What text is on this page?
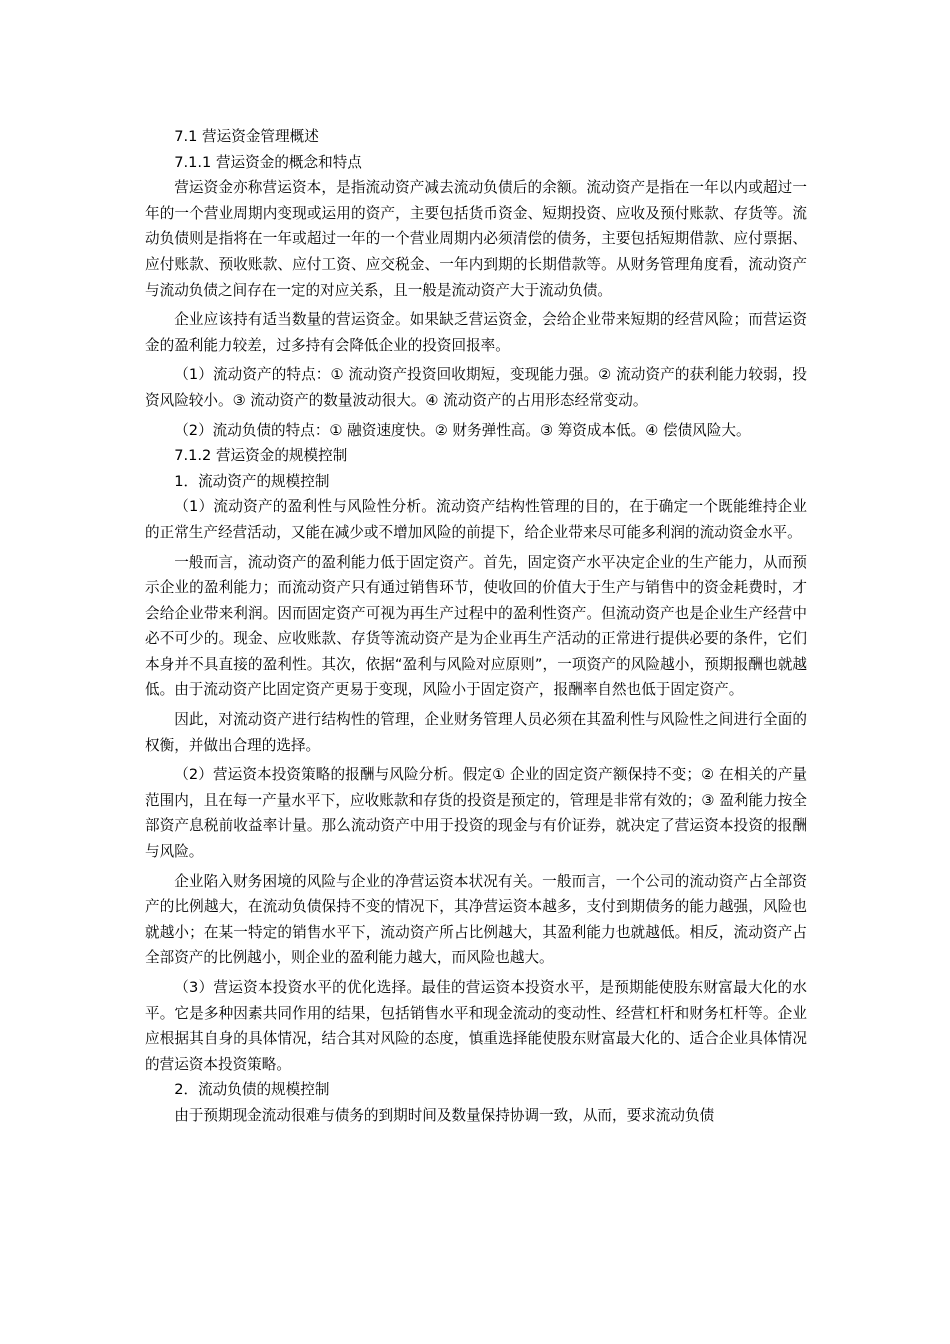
7.1 营运资金管理概述

7.1.1 营运资金的概念和特点

营运资金亦称营运资本，是指流动资产减去流动负债后的余额。流动资产是指在一年以内或超过一年的一个营业周期内变现或运用的资产，主要包括货币资金、短期投资、应收及预付账款、存货等。流动负债则是指将在一年或超过一年的一个营业周期内必须清偿的债务，主要包括短期借款、应付票据、应付账款、预收账款、应付工资、应交税金、一年内到期的长期借款等。从财务管理角度看，流动资产与流动负债之间存在一定的对应关系，且一般是流动资产大于流动负债。

企业应该持有适当数量的营运资金。如果缺乏营运资金，会给企业带来短期的经营风险；而营运资金的盈利能力较差，过多持有会降低企业的投资回报率。

（1）流动资产的特点：① 流动资产投资回收期短，变现能力强。② 流动资产的获利能力较弱，投资风险较小。③ 流动资产的数量波动很大。④ 流动资产的占用形态经常变动。

（2）流动负债的特点：① 融资速度快。② 财务弹性高。③ 筹资成本低。④ 偿债风险大。

7.1.2 营运资金的规模控制

1．流动资产的规模控制

（1）流动资产的盈利性与风险性分析。流动资产结构性管理的目的，在于确定一个既能维持企业的正常生产经营活动，又能在减少或不增加风险的前提下，给企业带来尽可能多利润的流动资金水平。

一般而言，流动资产的盈利能力低于固定资产。首先，固定资产水平决定企业的生产能力，从而预示企业的盈利能力；而流动资产只有通过销售环节，使收回的价值大于生产与销售中的资金耗费时，才会给企业带来利润。因而固定资产可视为再生产过程中的盈利性资产。但流动资产也是企业生产经营中必不可少的。现金、应收账款、存货等流动资产是为企业再生产活动的正常进行提供必要的条件，它们本身并不具直接的盈利性。其次，依据“盈利与风险对应原则”，一项资产的风险越小，预期报酬也就越低。由于流动资产比固定资产更易于变现，风险小于固定资产，报酬率自然也低于固定资产。

因此，对流动资产进行结构性的管理，企业财务管理人员必须在其盈利性与风险性之间进行全面的权衡，并做出合理的选择。

（2）营运资本投资策略的报酬与风险分析。假定① 企业的固定资产额保持不变；② 在相关的产量范围内，且在每一产量水平下，应收账款和存货的投资是预定的，管理是非常有效的；③ 盈利能力按全部资产息税前收益率计量。那么流动资产中用于投资的现金与有价证券，就决定了营运资本投资的报酬与风险。

企业陷入财务困境的风险与企业的净营运资本状况有关。一般而言，一个公司的流动资产占全部资产的比例越大，在流动负债保持不变的情况下，其净营运资本越多，支付到期债务的能力越强，风险也就越小；在某一特定的销售水平下，流动资产所占比例越大，其盈利能力也就越低。相反，流动资产占全部资产的比例越小，则企业的盈利能力越大，而风险也越大。

（3）营运资本投资水平的优化选择。最佳的营运资本投资水平，是预期能使股东财富最大化的水平。它是多种因素共同作用的结果，包括销售水平和现金流动的变动性、经营杠杆和财务杠杆等。企业应根据其自身的具体情况，结合其对风险的态度，慎重选择能使股东财富最大化的、适合企业具体情况的营运资本投资策略。

2．流动负债的规模控制

由于预期现金流动很难与债务的到期时间及数量保持协调一致，从而，要求流动负债
